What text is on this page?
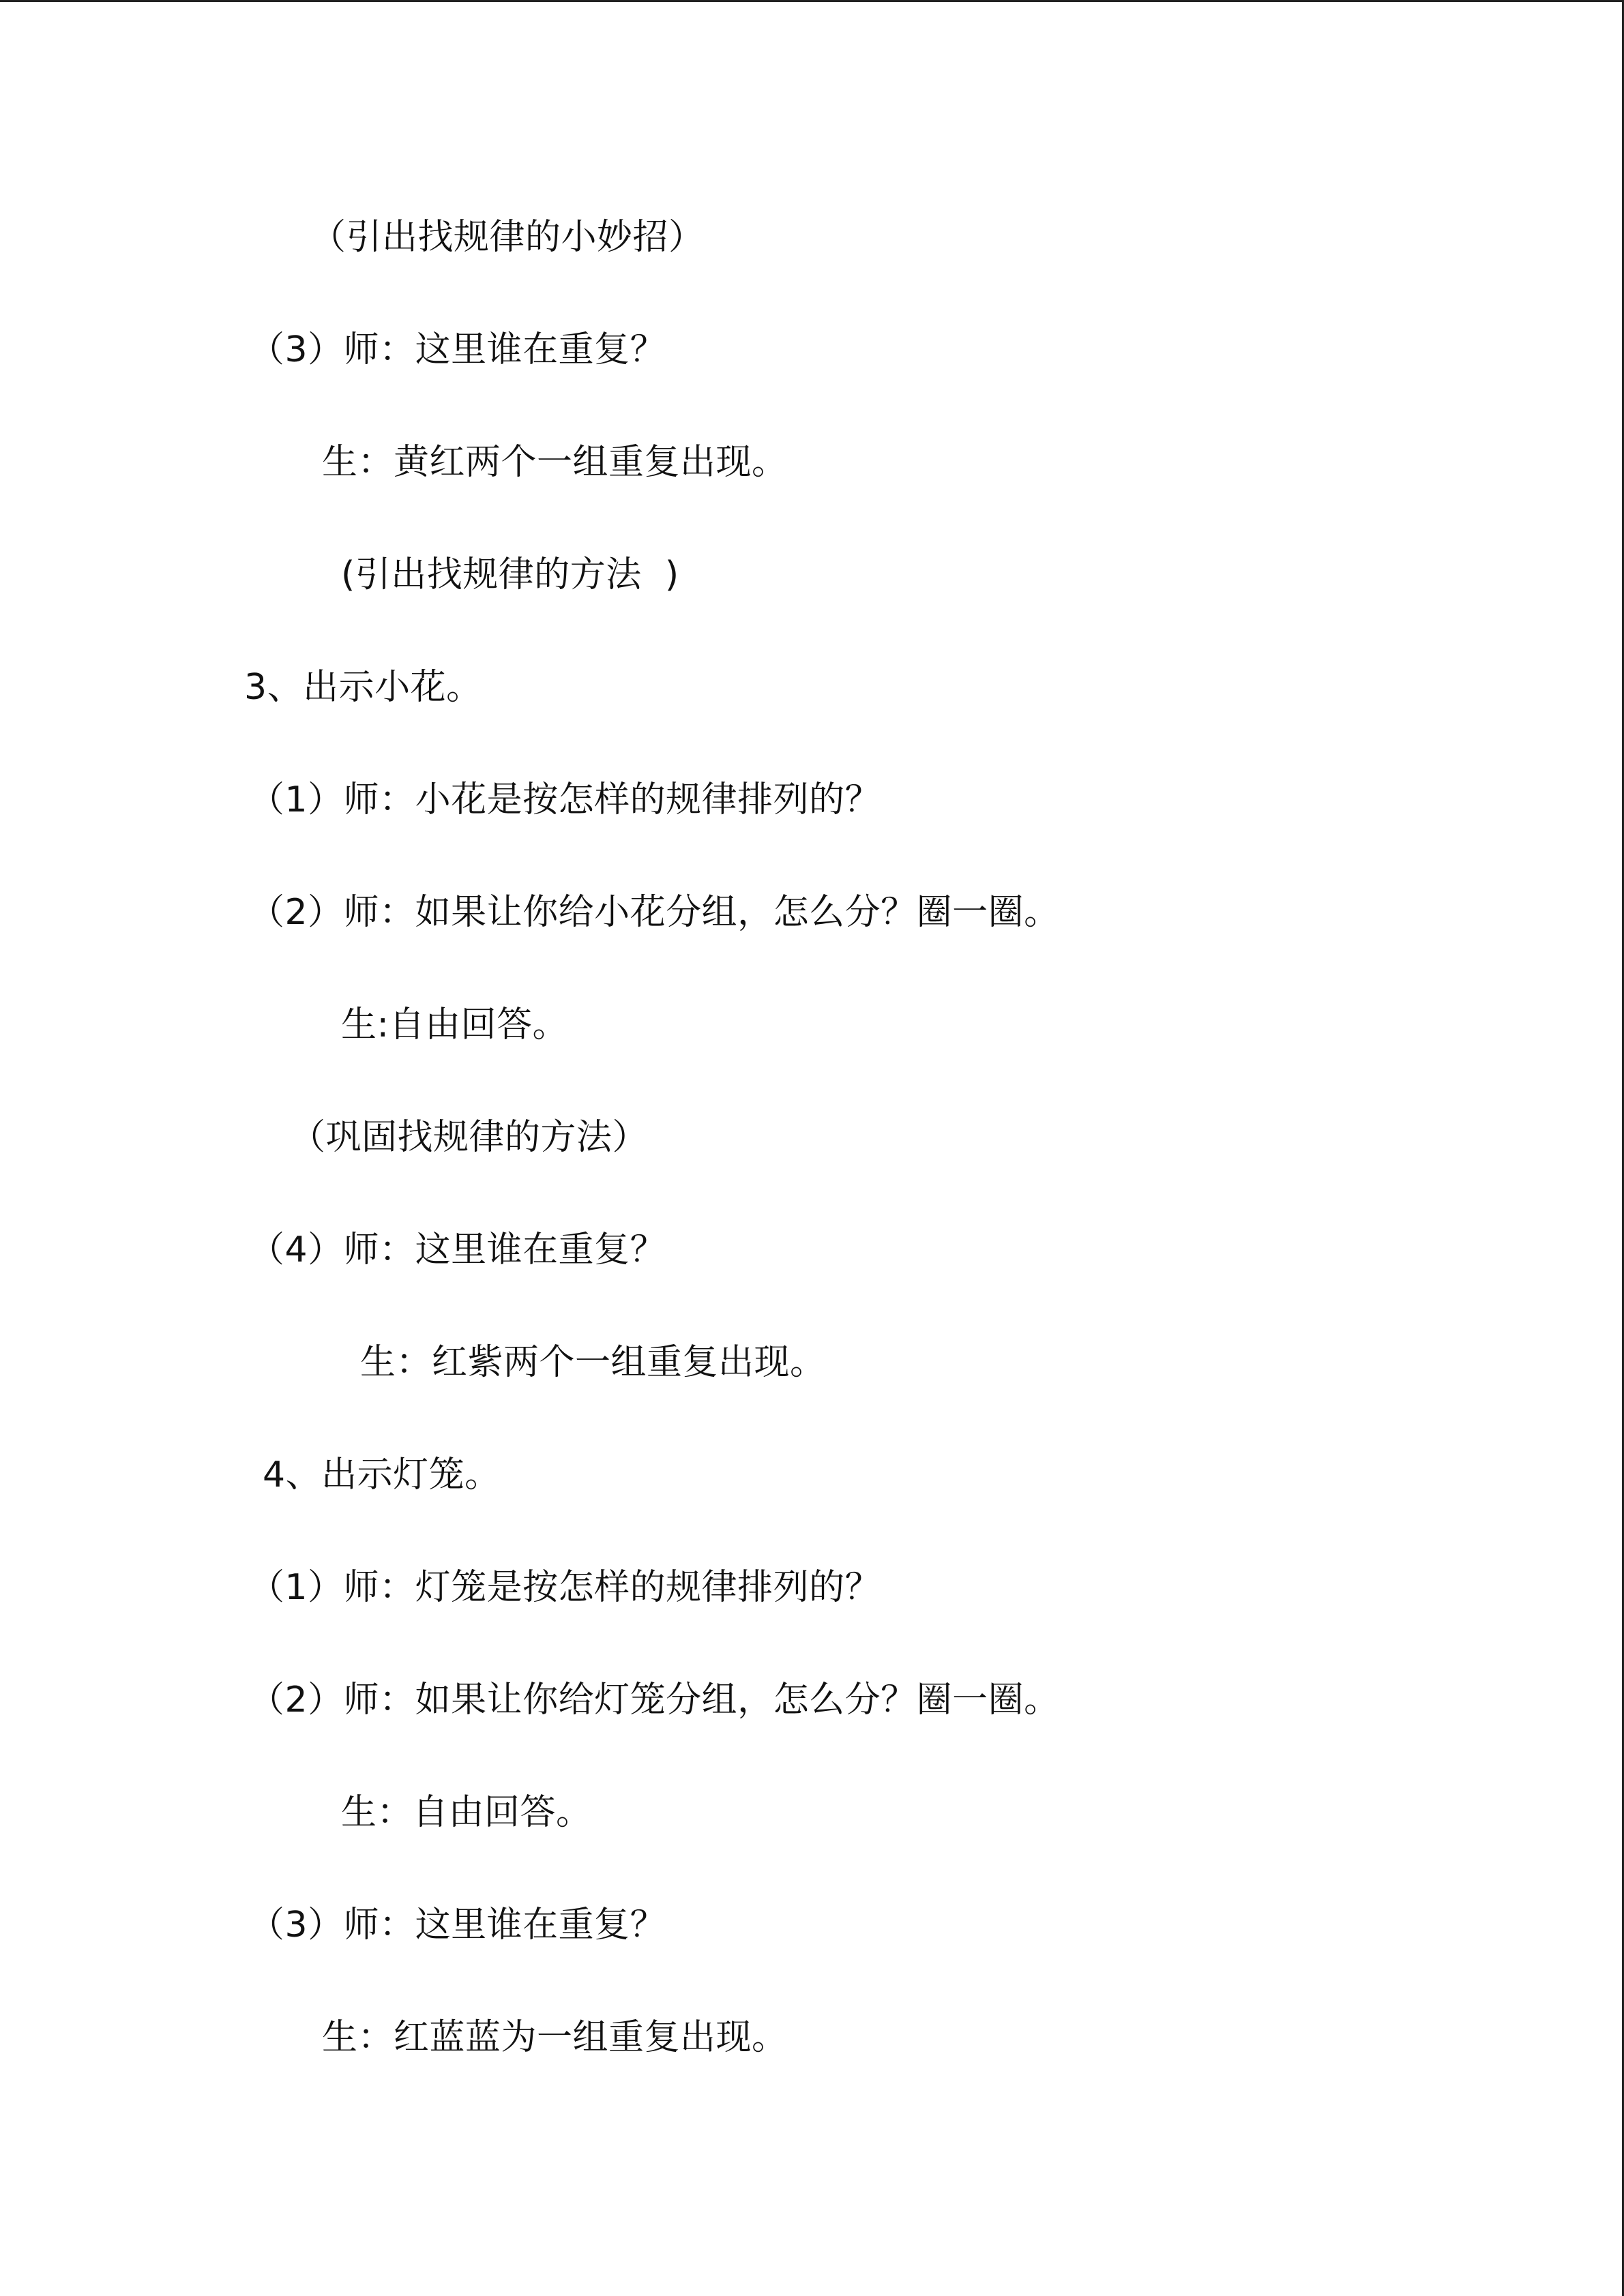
（引出找规律的小妙招）
（3）师：这里谁在重复？
生：黄红两个一组重复出现。
(引出找规律的方法  )
3、出示小花。
（1）师：小花是按怎样的规律排列的？
（2）师：如果让你给小花分组，怎么分？圈一圈。
生:自由回答。
（巩固找规律的方法）
（4）师：这里谁在重复？
生：红紫两个一组重复出现。
4、出示灯笼。
（1）师：灯笼是按怎样的规律排列的？
（2）师：如果让你给灯笼分组，怎么分？圈一圈。
生：自由回答。
（3）师：这里谁在重复？
生：红蓝蓝为一组重复出现。
